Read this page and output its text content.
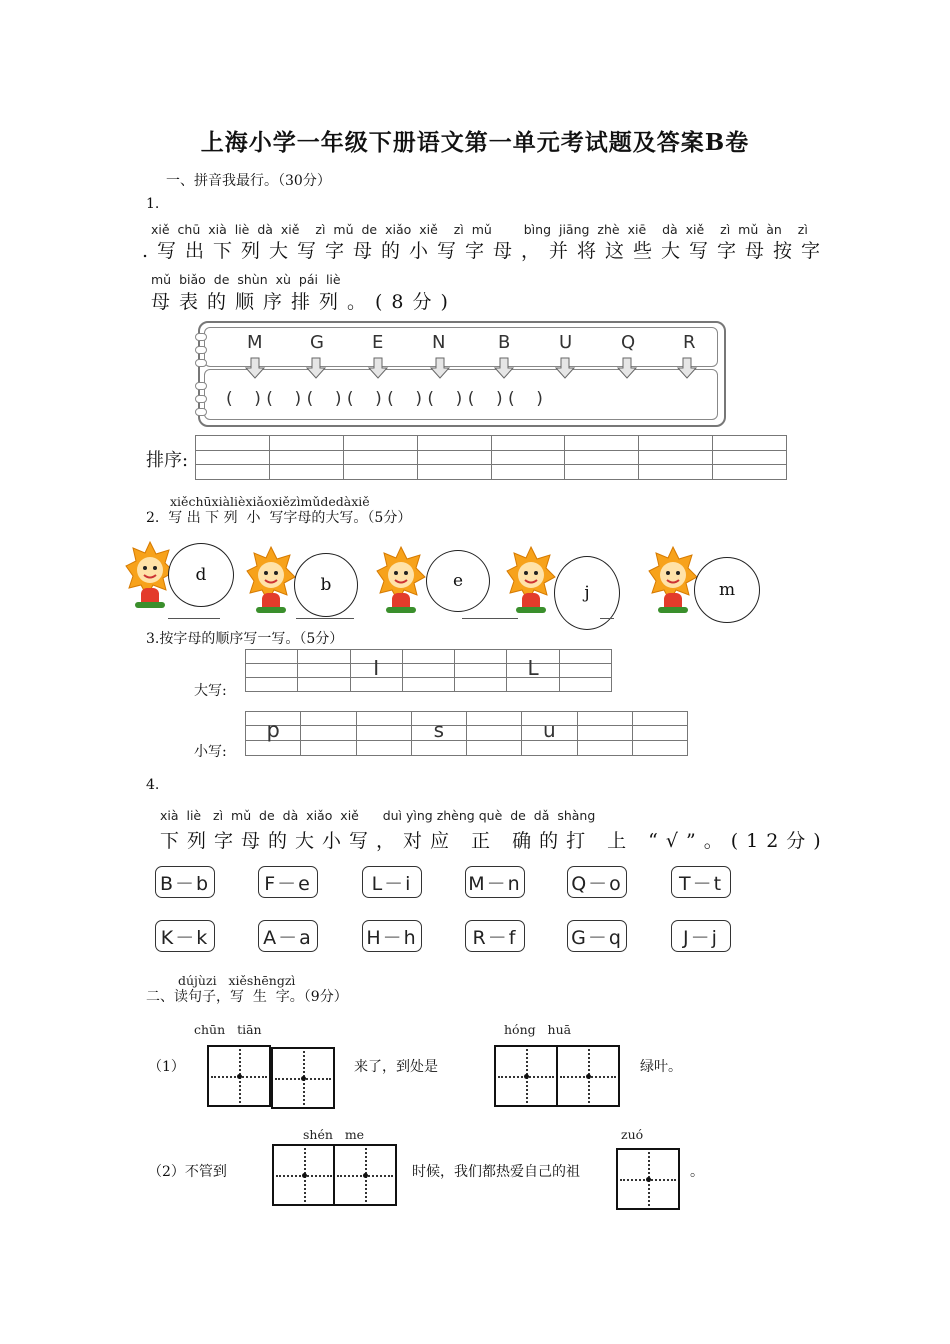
上海小学一年级下册语文第一单元考试题及答案B卷
一、拼音我最行。（30分）
1.
xiě chū xià liè dà xiě  zì mǔ de xiǎo xiě  zì mǔ    bìng jiāng zhè xiē  dà xiě  zì mǔ àn  zì
.写出下列大写字母的小写字母，并将这些大写字母按字
mǔ biǎo de shùn xù pái liè
母表的顺序排列。(8分)
M	G	E	N	B	U	Q	R
(    ) (    ) (    ) (    ) (    ) (    ) (    ) (    )
排序:

xiěchūxiàlièxiǎoxiězìmǔdedàxiě
2.  写 出 下 列  小  写字母的大写。（5分）
d	b	e
j	m
3.按字母的顺序写一写。（5分）
大写:

		I			L	

小写:

p			s		u		

4.
xià  liè   zì  mǔ  de  dà  xiǎo  xiě      duì yìng zhèng què  de  dǎ  shàng
下列字母的大小写，对应 正 确的打 上 “√”。(12分)
B－b	F－e	L－i	M－n	Q－o	T－t
K－k	A－a	H－h	R－f	G－q	J－j
dújùzi   xiěshēngzì
二、读句子，写  生  字。（9分）
chūn   tiān	hóng   huā
（1）	来了，到处是	绿叶。
shén   me	zuó
（2）不管到	时候，我们都热爱自己的祖	。
